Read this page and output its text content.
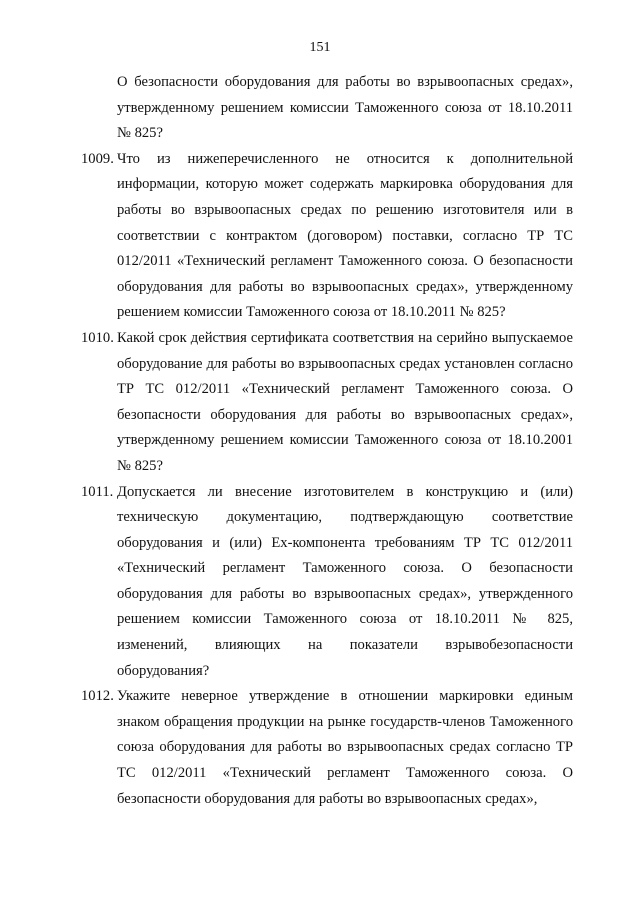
151

О безопасности оборудования для работы во взрывоопасных средах», утвержденному решением комиссии Таможенного союза от 18.10.2011 № 825?

1009. Что из нижеперечисленного не относится к дополнительной информации, которую может содержать маркировка оборудования для работы во взрывоопасных средах по решению изготовителя или в соответствии с контрактом (договором) поставки, согласно ТР ТС 012/2011 «Технический регламент Таможенного союза. О безопасности оборудования для работы во взрывоопасных средах», утвержденному решением комиссии Таможенного союза от 18.10.2011 № 825?
1010. Какой срок действия сертификата соответствия на серийно выпускаемое оборудование для работы во взрывоопасных средах установлен согласно ТР ТС 012/2011 «Технический регламент Таможенного союза. О безопасности оборудования для работы во взрывоопасных средах», утвержденному решением комиссии Таможенного союза от 18.10.2001 № 825?
1011. Допускается ли внесение изготовителем в конструкцию и (или) техническую документацию, подтверждающую соответствие оборудования и (или) Ex-компонента требованиям ТР ТС 012/2011 «Технический регламент Таможенного союза. О безопасности оборудования для работы во взрывоопасных средах», утвержденного решением комиссии Таможенного союза от 18.10.2011 № 825, изменений, влияющих на показатели взрывобезопасности оборудования?
1012. Укажите неверное утверждение в отношении маркировки единым знаком обращения продукции на рынке государств-членов Таможенного союза оборудования для работы во взрывоопасных средах согласно ТР ТС 012/2011 «Технический регламент Таможенного союза. О безопасности оборудования для работы во взрывоопасных средах»,
